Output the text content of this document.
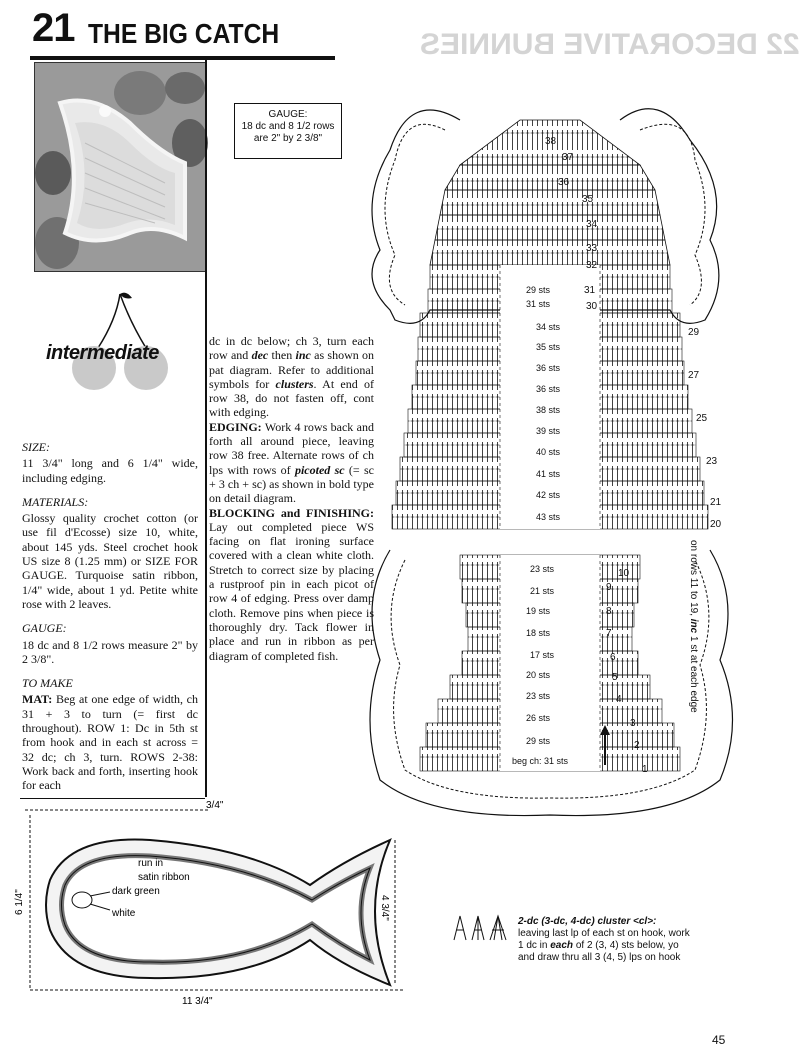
21 THE BIG CATCH	22 DECORATIVE BUNNIES
GAUGE:
18 dc and 8 1/2 rows
are 2" by 2 3/8"
intermediate
SIZE:

11 3/4" long and 6 1/4" wide, including edging.

MATERIALS:

Glossy quality crochet cotton (or use fil d'Ecosse) size 10, white, about 145 yds. Steel crochet hook US size 8 (1.25 mm) or SIZE FOR GAUGE. Turquoise satin ribbon, 1/4" wide, about 1 yd. Petite white rose with 2 leaves.

GAUGE:

18 dc and 8 1/2 rows measure 2" by 2 3/8".

TO MAKE

MAT: Beg at one edge of width, ch 31 + 3 to turn (= first dc throughout). ROW 1: Dc in 5th st from hook and in each st across = 32 dc; ch 3, turn. ROWS 2-38: Work back and forth, inserting hook for each

dc in dc below; ch 3, turn each row and dec then inc as shown on pat diagram. Refer to additional symbols for clusters. At end of row 38, do not fasten off, cont with edging.

EDGING: Work 4 rows back and forth all around piece, leaving row 38 free. Alternate rows of ch lps with rows of picoted sc (= sc + 3 ch + sc) as shown in bold type on detail diagram.

BLOCKING and FINISHING: Lay out completed piece WS facing on flat ironing surface covered with a clean white cloth. Stretch to correct size by placing a rustproof pin in each picot of row 4 of edging. Press over damp cloth. Remove pins when piece is thoroughly dry. Tack flower in place and run in ribbon as per diagram of completed fish.

38
37
36
35
34
33
32
29 sts	31
31 sts	30
34 sts	29
35 sts
36 sts
27
36 sts
38 sts
25
39 sts
40 sts
23
41 sts
42 sts
21
43 sts
20
23 sts	10
21 sts	9
19 sts	8
18 sts	7
17 sts	6
20 sts	5
23 sts	4
26 sts	3
29 sts	2
beg ch: 31 sts
1
on rows 11 to 19, inc 1 st at each edge
3/4"
11 3/4"
6 1/4"	4 3/4"
run in
satin ribbon
dark green
white
2-dc (3-dc, 4-dc) cluster <cl>:
leaving last lp of each st on hook, work 1 dc in each of 2 (3, 4) sts below, yo and draw thru all 3 (4, 5) lps on hook
45
